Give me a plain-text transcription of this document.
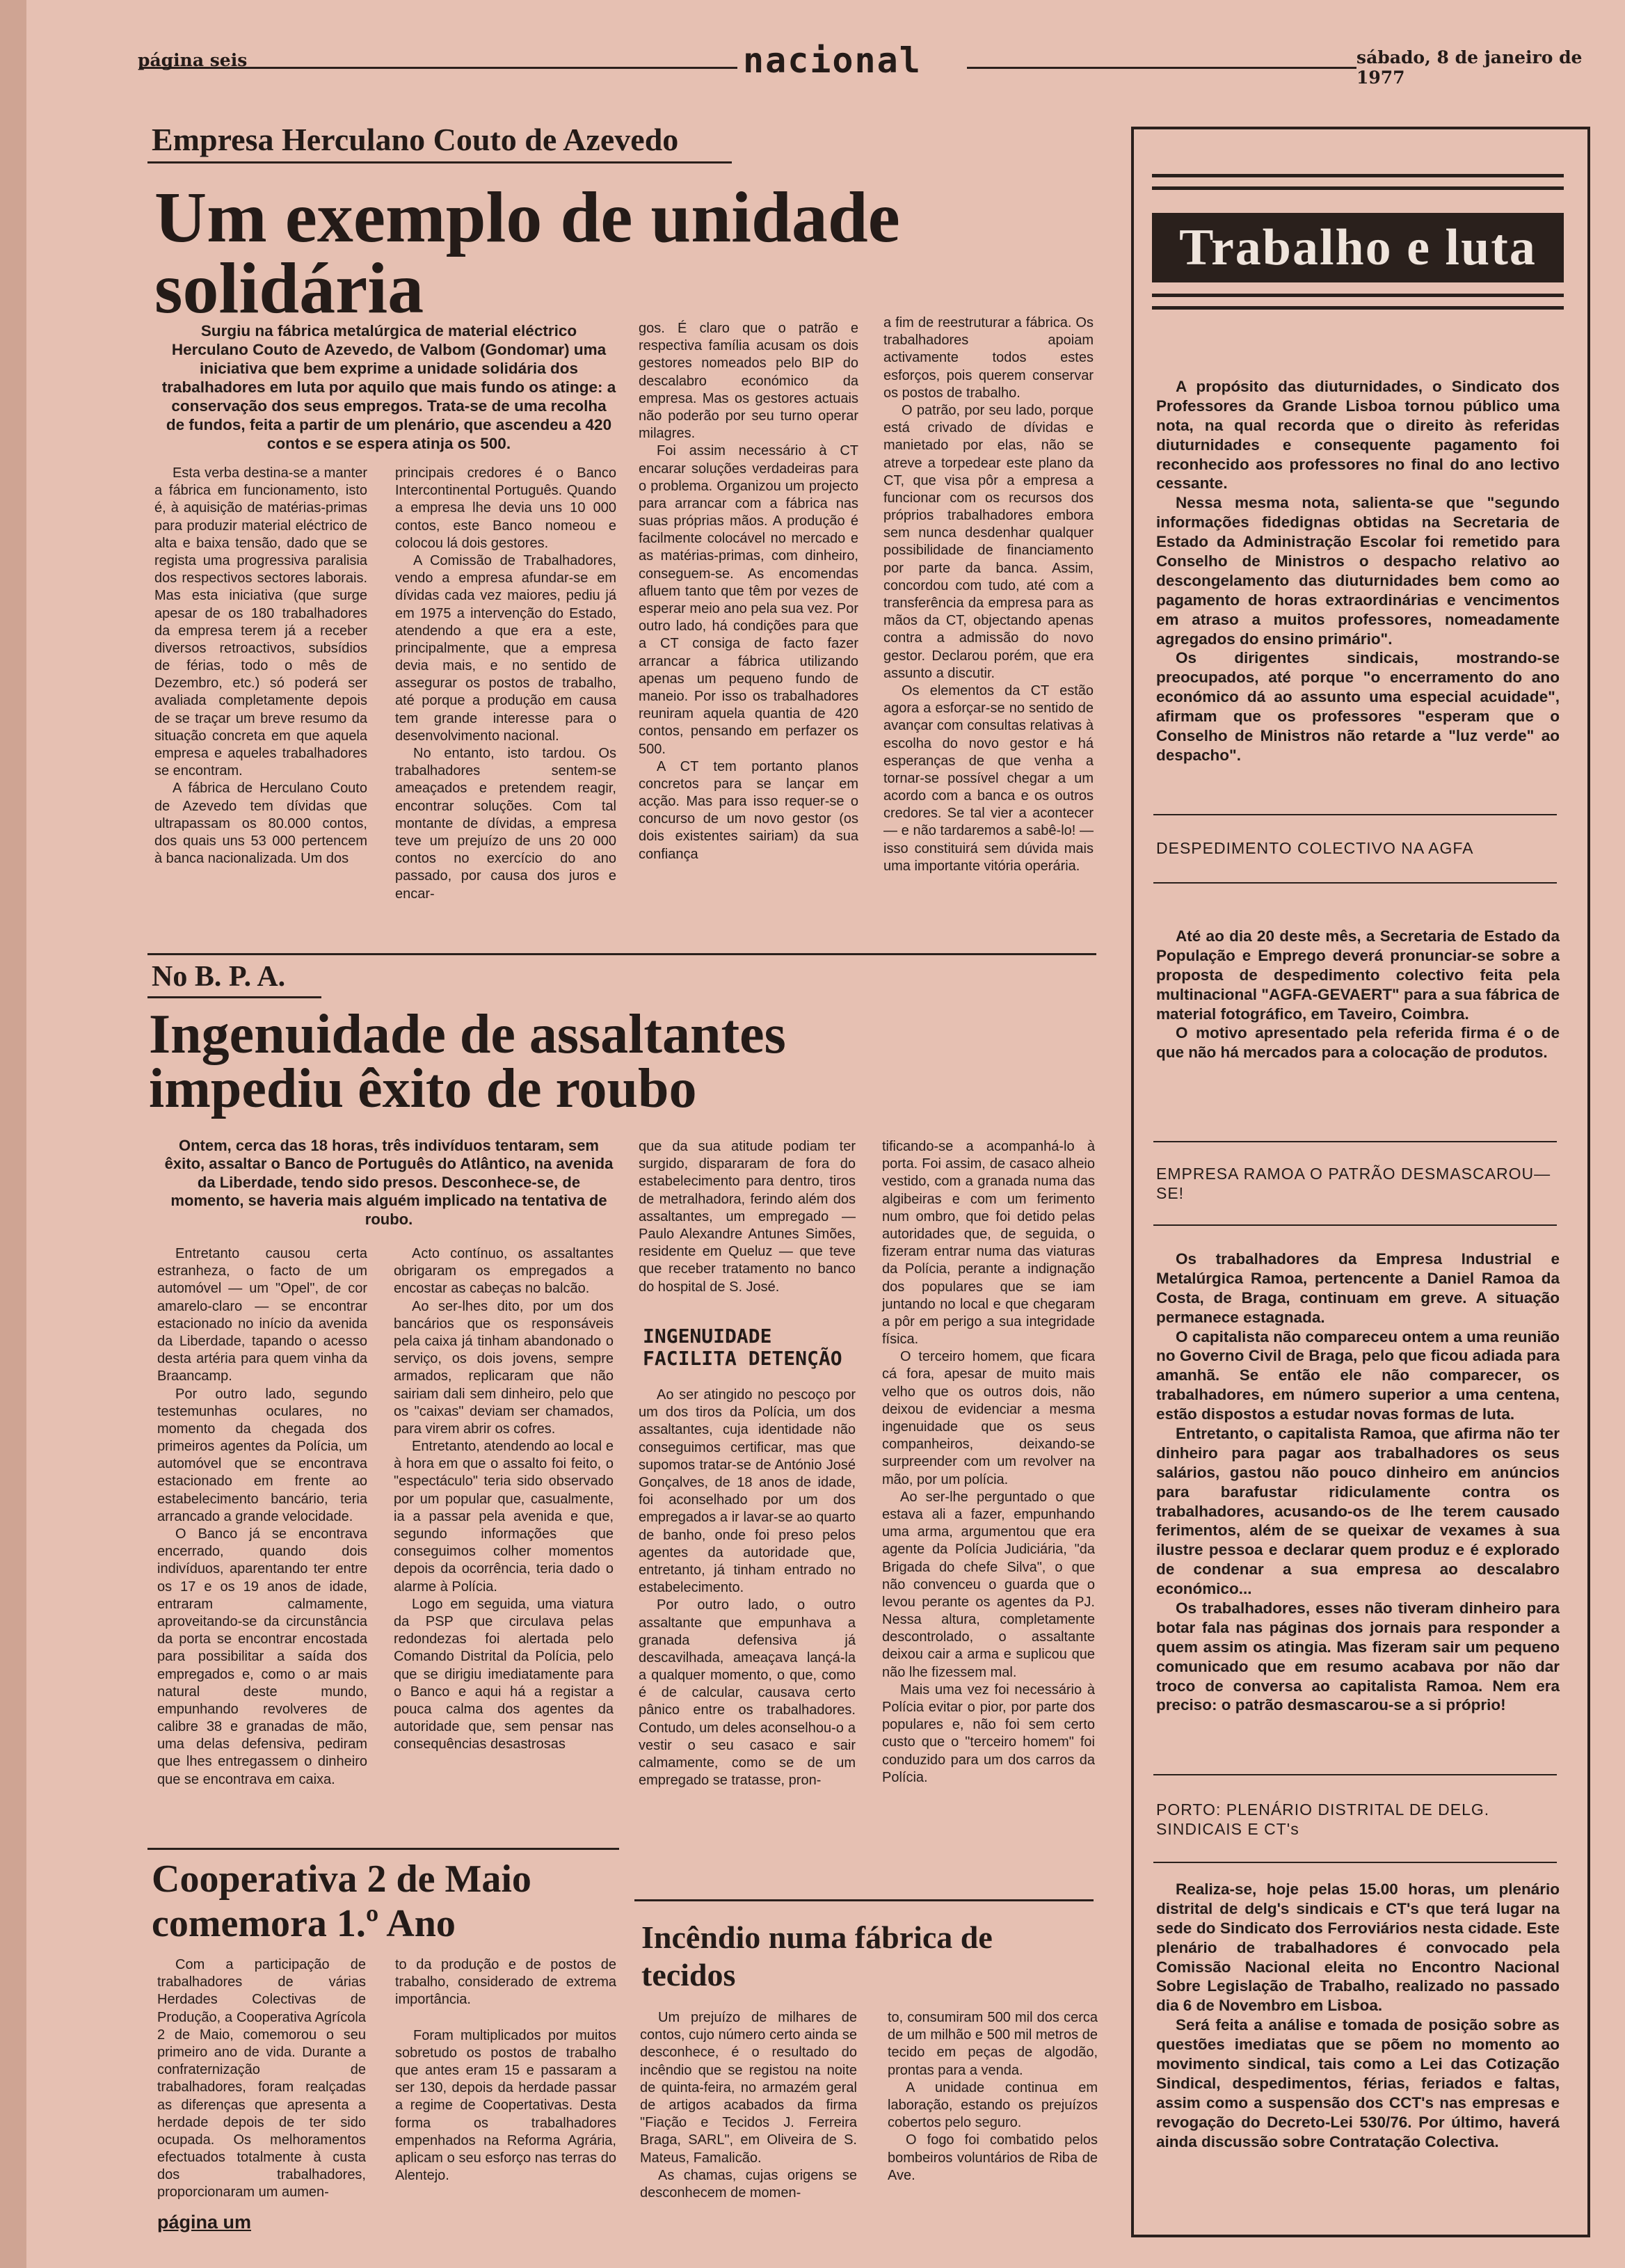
página seis	nacional	sábado, 8 de janeiro de 1977
Empresa Herculano Couto de Azevedo
Um exemplo de unidade solidária
Surgiu na fábrica metalúrgica de material eléctrico Herculano Couto de Azevedo, de Valbom (Gondomar) uma iniciativa que bem exprime a unidade solidária dos trabalhadores em luta por aquilo que mais fundo os atinge: a conservação dos seus empregos. Trata-se de uma recolha de fundos, feita a partir de um plenário, que ascendeu a 420 contos e se espera atinja os 500.

Esta verba destina-se a manter a fábrica em funcionamento, isto é, à aquisição de matérias-primas para produzir material eléctrico de alta e baixa tensão, dado que se regista uma progressiva paralisia dos respectivos sectores laborais. Mas esta iniciativa (que surge apesar de os 180 trabalhadores da empresa terem já a receber diversos retroactivos, subsídios de férias, todo o mês de Dezembro, etc.) só poderá ser avaliada completamente depois de se traçar um breve resumo da situação concreta em que aquela empresa e aqueles trabalhadores se encontram.

A fábrica de Herculano Couto de Azevedo tem dívidas que ultrapassam os 80.000 contos, dos quais uns 53 000 pertencem à banca nacionalizada. Um dos

principais credores é o Banco Intercontinental Português. Quando a empresa lhe devia uns 10 000 contos, este Banco nomeou e colocou lá dois gestores.

A Comissão de Trabalhadores, vendo a empresa afundar-se em dívidas cada vez maiores, pediu já em 1975 a intervenção do Estado, atendendo a que era a este, principalmente, que a empresa devia mais, e no sentido de assegurar os postos de trabalho, até porque a produção em causa tem grande interesse para o desenvolvimento nacional.

No entanto, isto tardou. Os trabalhadores sentem-se ameaçados e pretendem reagir, encontrar soluções. Com tal montante de dívidas, a empresa teve um prejuízo de uns 20 000 contos no exercício do ano passado, por causa dos juros e encar-

gos. É claro que o patrão e respectiva família acusam os dois gestores nomeados pelo BIP do descalabro económico da empresa. Mas os gestores actuais não poderão por seu turno operar milagres.

Foi assim necessário à CT encarar soluções verdadeiras para o problema. Organizou um projecto para arrancar com a fábrica nas suas próprias mãos. A produção é facilmente colocável no mercado e as matérias-primas, com dinheiro, conseguem-se. As encomendas afluem tanto que têm por vezes de esperar meio ano pela sua vez. Por outro lado, há condições para que a CT consiga de facto fazer arrancar a fábrica utilizando apenas um pequeno fundo de maneio. Por isso os trabalhadores reuniram aquela quantia de 420 contos, pensando em perfazer os 500.

A CT tem portanto planos concretos para se lançar em acção. Mas para isso requer-se o concurso de um novo gestor (os dois existentes sairiam) da sua confiança

a fim de reestruturar a fábrica. Os trabalhadores apoiam activamente todos estes esforços, pois querem conservar os postos de trabalho.

O patrão, por seu lado, porque está crivado de dívidas e manietado por elas, não se atreve a torpedear este plano da CT, que visa pôr a empresa a funcionar com os recursos dos próprios trabalhadores embora sem nunca desdenhar qualquer possibilidade de financiamento por parte da banca. Assim, concordou com tudo, até com a transferência da empresa para as mãos da CT, objectando apenas contra a admissão do novo gestor. Declarou porém, que era assunto a discutir.

Os elementos da CT estão agora a esforçar-se no sentido de avançar com consultas relativas à escolha do novo gestor e há esperanças de que venha a tornar-se possível chegar a um acordo com a banca e os outros credores. Se tal vier a acontecer — e não tardaremos a sabê-lo! — isso constituirá sem dúvida mais uma importante vitória operária.

No B. P. A.
Ingenuidade de assaltantes impediu êxito de roubo
Ontem, cerca das 18 horas, três indivíduos tentaram, sem êxito, assaltar o Banco de Português do Atlântico, na avenida da Liberdade, tendo sido presos. Desconhece-se, de momento, se haveria mais alguém implicado na tentativa de roubo.

Entretanto causou certa estranheza, o facto de um automóvel — um "Opel", de cor amarelo-claro — se encontrar estacionado no início da avenida da Liberdade, tapando o acesso desta artéria para quem vinha da Braancamp.

Por outro lado, segundo testemunhas oculares, no momento da chegada dos primeiros agentes da Polícia, um automóvel que se encontrava estacionado em frente ao estabelecimento bancário, teria arrancado a grande velocidade.

O Banco já se encontrava encerrado, quando dois indivíduos, aparentando ter entre os 17 e os 19 anos de idade, entraram calmamente, aproveitando-se da circunstância da porta se encontrar encostada para possibilitar a saída dos empregados e, como o ar mais natural deste mundo, empunhando revolveres de calibre 38 e granadas de mão, uma delas defensiva, pediram que lhes entregassem o dinheiro que se encontrava em caixa.

Acto contínuo, os assaltantes obrigaram os empregados a encostar as cabeças no balcão.

Ao ser-lhes dito, por um dos bancários que os responsáveis pela caixa já tinham abandonado o serviço, os dois jovens, sempre armados, replicaram que não sairiam dali sem dinheiro, pelo que os "caixas" deviam ser chamados, para virem abrir os cofres.

Entretanto, atendendo ao local e à hora em que o assalto foi feito, o "espectáculo" teria sido observado por um popular que, casualmente, ia a passar pela avenida e que, segundo informações que conseguimos colher momentos depois da ocorrência, teria dado o alarme à Polícia.

Logo em seguida, uma viatura da PSP que circulava pelas redondezas foi alertada pelo Comando Distrital da Polícia, pelo que se dirigiu imediatamente para o Banco e aqui há a registar a pouca calma dos agentes da autoridade que, sem pensar nas consequências desastrosas

que da sua atitude podiam ter surgido, dispararam de fora do estabelecimento para dentro, tiros de metralhadora, ferindo além dos assaltantes, um empregado — Paulo Alexandre Antunes Simões, residente em Queluz — que teve que receber tratamento no banco do hospital de S. José.

INGENUIDADE FACILITA DETENÇÃO

Ao ser atingido no pescoço por um dos tiros da Polícia, um dos assaltantes, cuja identidade não conseguimos certificar, mas que supomos tratar-se de António José Gonçalves, de 18 anos de idade, foi aconselhado por um dos empregados a ir lavar-se ao quarto de banho, onde foi preso pelos agentes da autoridade que, entretanto, já tinham entrado no estabelecimento.

Por outro lado, o outro assaltante que empunhava a granada defensiva já descavilhada, ameaçava lançá-la a qualquer momento, o que, como é de calcular, causava certo pânico entre os trabalhadores. Contudo, um deles aconselhou-o a vestir o seu casaco e sair calmamente, como se de um empregado se tratasse, pron-

tificando-se a acompanhá-lo à porta. Foi assim, de casaco alheio vestido, com a granada numa das algibeiras e com um ferimento num ombro, que foi detido pelas autoridades que, de seguida, o fizeram entrar numa das viaturas da Polícia, perante a indignação dos populares que se iam juntando no local e que chegaram a pôr em perigo a sua integridade física.

O terceiro homem, que ficara cá fora, apesar de muito mais velho que os outros dois, não deixou de evidenciar a mesma ingenuidade que os seus companheiros, deixando-se surpreender com um revolver na mão, por um polícia.

Ao ser-lhe perguntado o que estava ali a fazer, empunhando uma arma, argumentou que era agente da Polícia Judiciária, "da Brigada do chefe Silva", o que não convenceu o guarda que o levou perante os agentes da PJ. Nessa altura, completamente descontrolado, o assaltante deixou cair a arma e suplicou que não lhe fizessem mal.

Mais uma vez foi necessário à Polícia evitar o pior, por parte dos populares e, não foi sem certo custo que o "terceiro homem" foi conduzido para um dos carros da Polícia.

Cooperativa 2 de Maio comemora 1.º Ano

Com a participação de trabalhadores de várias Herdades Colectivas de Produção, a Cooperativa Agrícola 2 de Maio, comemorou o seu primeiro ano de vida. Durante a confraternização de trabalhadores, foram realçadas as diferenças que apresenta a herdade depois de ter sido ocupada. Os melhoramentos efectuados totalmente à custa dos trabalhadores, proporcionaram um aumen-

página um

to da produção e de postos de trabalho, considerado de extrema importância.

Foram multiplicados por muitos sobretudo os postos de trabalho que antes eram 15 e passaram a ser 130, depois da herdade passar a regime de Coopertativas. Desta forma os trabalhadores empenhados na Reforma Agrária, aplicam o seu esforço nas terras do Alentejo.

Incêndio numa fábrica de tecidos

Um prejuízo de milhares de contos, cujo número certo ainda se desconhece, é o resultado do incêndio que se registou na noite de quinta-feira, no armazém geral de artigos acabados da firma "Fiação e Tecidos J. Ferreira Braga, SARL", em Oliveira de S. Mateus, Famalicão.

As chamas, cujas origens se desconhecem de momen-

to, consumiram 500 mil dos cerca de um milhão e 500 mil metros de tecido em peças de algodão, prontas para a venda.

A unidade continua em laboração, estando os prejuízos cobertos pelo seguro.

O fogo foi combatido pelos bombeiros voluntários de Riba de Ave.

Trabalho e luta

A propósito das diuturnidades, o Sindicato dos Professores da Grande Lisboa tornou público uma nota, na qual recorda que o direito às referidas diuturnidades e consequente pagamento foi reconhecido aos professores no final do ano lectivo cessante.

Nessa mesma nota, salienta-se que "segundo informações fidedignas obtidas na Secretaria de Estado da Administração Escolar foi remetido para Conselho de Ministros o despacho relativo ao descongelamento das diuturnidades bem como ao pagamento de horas extraordinárias e vencimentos em atraso a muitos professores, nomeadamente agregados do ensino primário".

Os dirigentes sindicais, mostrando-se preocupados, até porque "o encerramento do ano económico dá ao assunto uma especial acuidade", afirmam que os professores "esperam que o Conselho de Ministros não retarde a "luz verde" ao despacho".

DESPEDIMENTO COLECTIVO NA AGFA

Até ao dia 20 deste mês, a Secretaria de Estado da População e Emprego deverá pronunciar-se sobre a proposta de despedimento colectivo feita pela multinacional "AGFA-GEVAERT" para a sua fábrica de material fotográfico, em Taveiro, Coimbra.

O motivo apresentado pela referida firma é o de que não há mercados para a colocação de produtos.

EMPRESA RAMOA O PATRÃO DESMASCAROU—SE!

Os trabalhadores da Empresa Industrial e Metalúrgica Ramoa, pertencente a Daniel Ramoa da Costa, de Braga, continuam em greve. A situação permanece estagnada.

O capitalista não compareceu ontem a uma reunião no Governo Civil de Braga, pelo que ficou adiada para amanhã. Se então ele não comparecer, os trabalhadores, em número superior a uma centena, estão dispostos a estudar novas formas de luta.

Entretanto, o capitalista Ramoa, que afirma não ter dinheiro para pagar aos trabalhadores os seus salários, gastou não pouco dinheiro em anúncios para barafustar ridiculamente contra os trabalhadores, acusando-os de lhe terem causado ferimentos, além de se queixar de vexames à sua ilustre pessoa e declarar quem produz e é explorado de condenar a sua empresa ao descalabro económico...

Os trabalhadores, esses não tiveram dinheiro para botar fala nas páginas dos jornais para responder a quem assim os atingia. Mas fizeram sair um pequeno comunicado que em resumo acabava por não dar troco de conversa ao capitalista Ramoa. Nem era preciso: o patrão desmascarou-se a si próprio!

PORTO: PLENÁRIO DISTRITAL DE DELG. SINDICAIS E CT's

Realiza-se, hoje pelas 15.00 horas, um plenário distrital de delg's sindicais e CT's que terá lugar na sede do Sindicato dos Ferroviários nesta cidade. Este plenário de trabalhadores é convocado pela Comissão Nacional eleita no Encontro Nacional Sobre Legislação de Trabalho, realizado no passado dia 6 de Novembro em Lisboa.

Será feita a análise e tomada de posição sobre as questões imediatas que se põem no momento ao movimento sindical, tais como a Lei das Cotização Sindical, despedimentos, férias, feriados e faltas, assim como a suspensão dos CCT's nas empresas e revogação do Decreto-Lei 530/76. Por último, haverá ainda discussão sobre Contratação Colectiva.
